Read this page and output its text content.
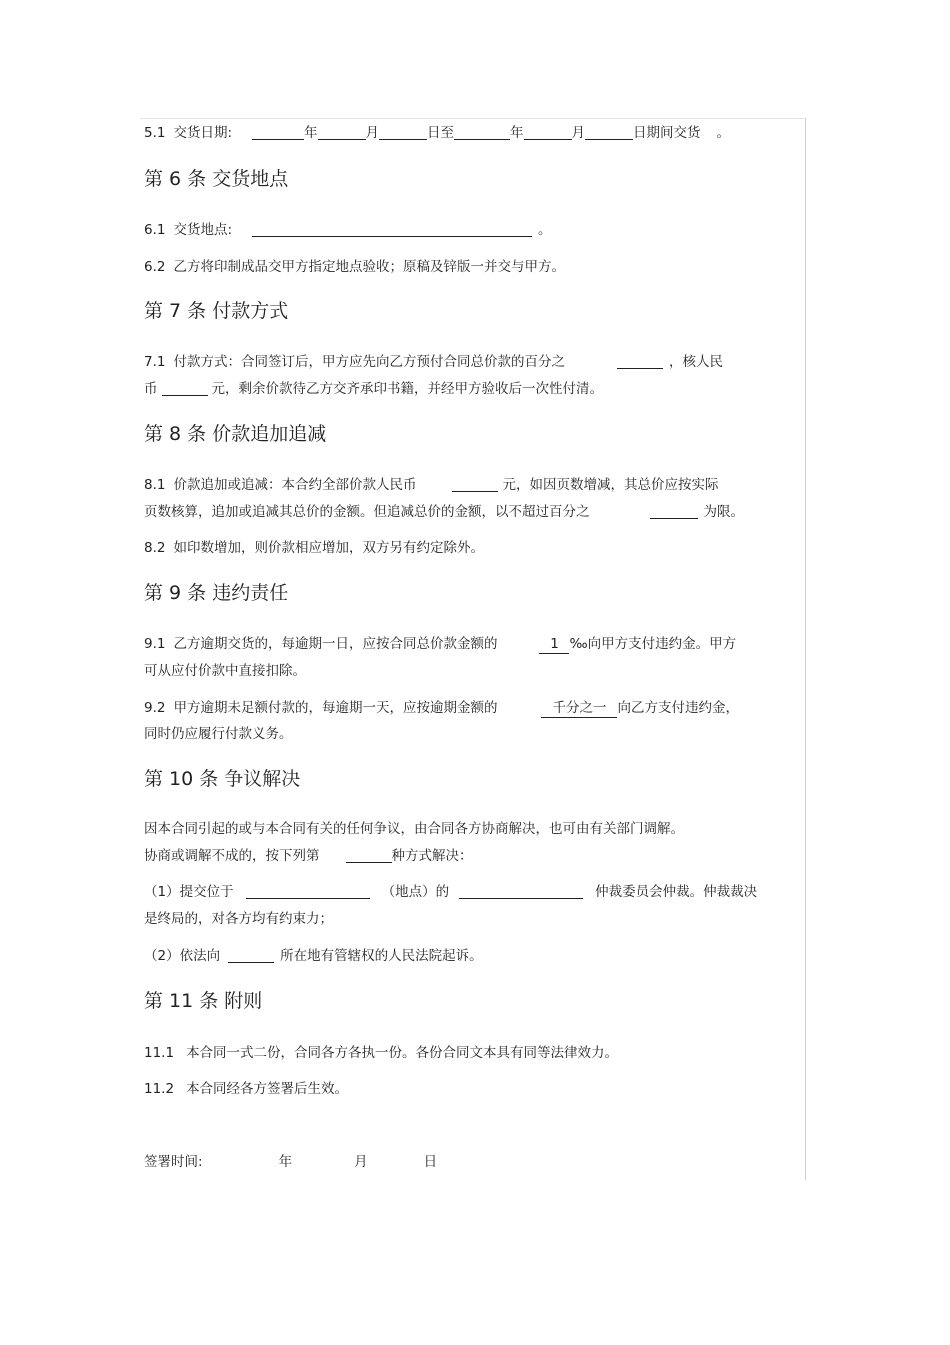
5.1 交货日期:	年	月	日至	年	月	日期间交货 。
第 6 条 交货地点
6.1 交货地点:	。
6.2 乙方将印制成品交甲方指定地点验收；原稿及锌版一并交与甲方。
第 7 条 付款方式
7.1 付款方式：合同签订后，甲方应先向乙方预付合同总价款的百分之	，核人民
币	元，剩余价款待乙方交齐承印书籍，并经甲方验收后一次性付清。
第 8 条 价款追加追减
8.1 价款追加或追减：本合约全部价款人民币	元，如因页数增减，其总价应按实际
页数核算，追加或追减其总价的金额。但追减总价的金额，以不超过百分之	为限。
8.2 如印数增加，则价款相应增加，双方另有约定除外。
第 9 条 违约责任
9.1 乙方逾期交货的，每逾期一日，应按合同总价款金额的	1 ‰向甲方支付违约金。甲方
可从应付价款中直接扣除。
9.2 甲方逾期未足额付款的，每逾期一天，应按逾期金额的	千分之一 向乙方支付违约金，
同时仍应履行付款义务。
第 10 条 争议解决
因本合同引起的或与本合同有关的任何争议，由合同各方协商解决，也可由有关部门调解。
协商或调解不成的，按下列第	种方式解决：
（1）提交位于	（地点）的	仲裁委员会仲裁。仲裁裁决
是终局的，对各方均有约束力；
（2）依法向	所在地有管辖权的人民法院起诉。
第 11 条 附则
11.1 本合同一式二份，合同各方各执一份。各份合同文本具有同等法律效力。
11.2 本合同经各方签署后生效。
签署时间:	年	月	日
